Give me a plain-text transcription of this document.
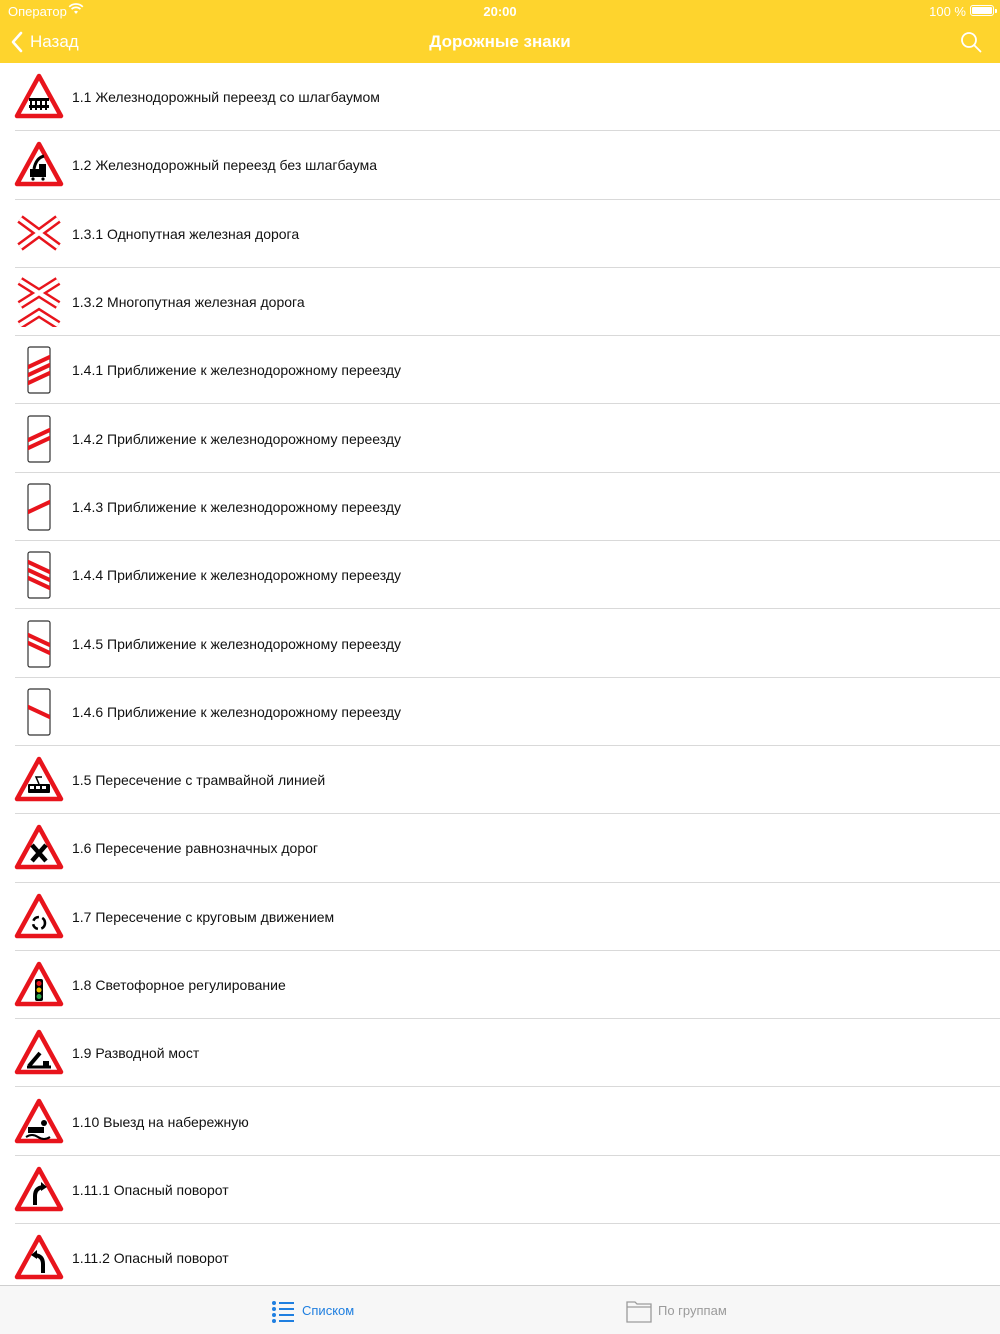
Оператор	20:00	100 %
Назад	Дорожные знаки
1.1 Железнодорожный переезд со шлагбаумом
1.2 Железнодорожный переезд без шлагбаума
1.3.1 Однопутная железная дорога
1.3.2 Многопутная железная дорога
1.4.1 Приближение к железнодорожному переезду
1.4.2 Приближение к железнодорожному переезду
1.4.3 Приближение к железнодорожному переезду
1.4.4 Приближение к железнодорожному переезду
1.4.5 Приближение к железнодорожному переезду
1.4.6 Приближение к железнодорожному переезду
1.5 Пересечение с трамвайной линией
1.6 Пересечение равнозначных дорог
1.7 Пересечение с круговым движением
1.8 Светофорное регулирование
1.9 Разводной мост
1.10 Выезд на набережную
1.11.1 Опасный поворот
1.11.2 Опасный поворот
Списком	По группам
